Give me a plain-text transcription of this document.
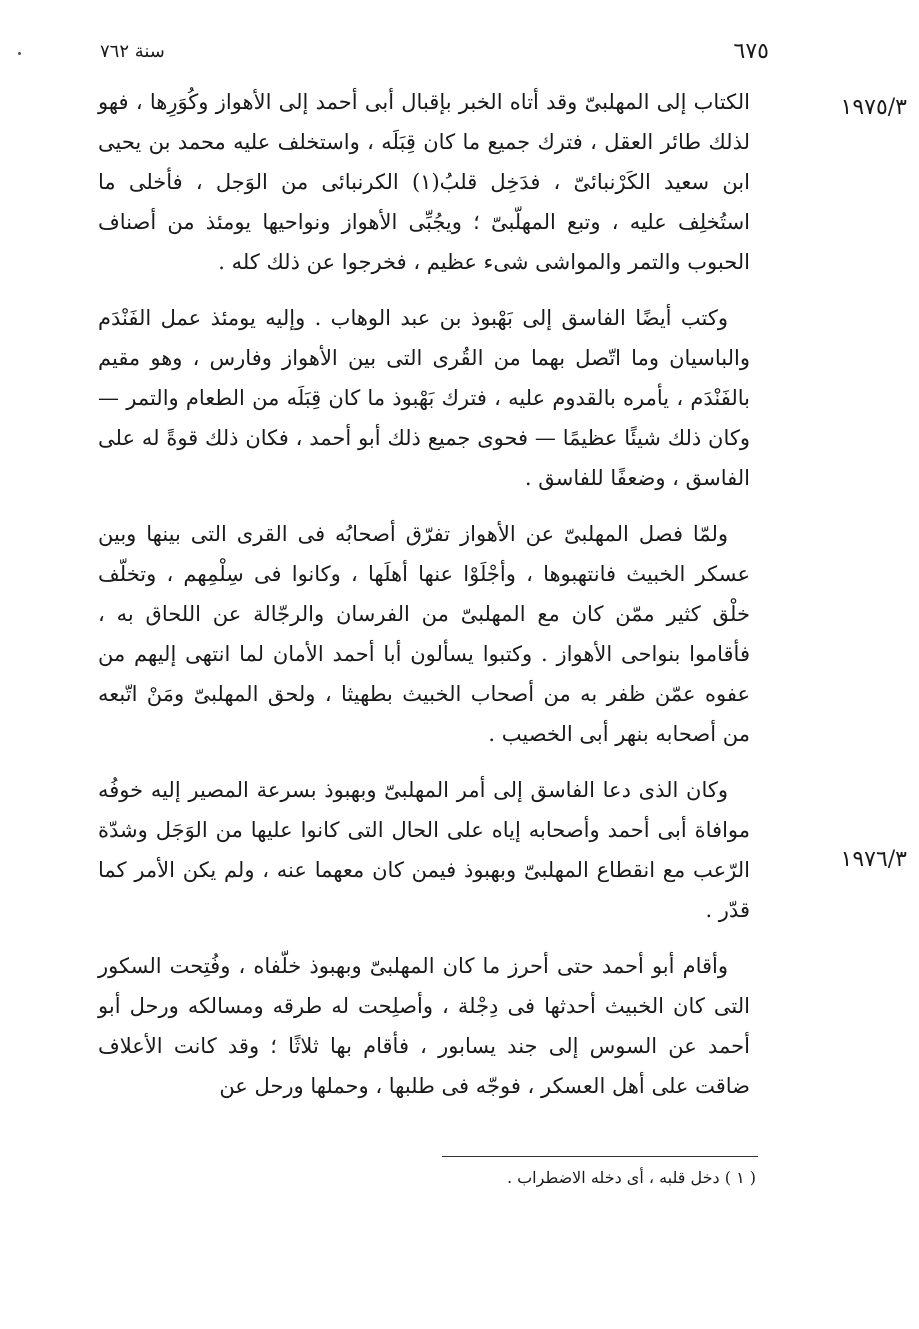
٥٧٦
سنة ٢٦٧
١٩٧٥/٣
١٩٧٦/٣

الكتاب إلى المهلبىّ وقد أتاه الخبر بإقبال أبى أحمد إلى الأهواز وكُوَرِها ، فهو لذلك طائر العقل ، فترك جميع ما كان قِبَلَه ، واستخلف عليه محمد بن يحيى ابن سعيد الكَرْنبائىّ ، فدَخِل قلبُ(١) الكرنبائى من الوَجل ، فأخلى ما استُخلِف عليه ، وتبع المهلّبىّ ؛ ويجُبِّى الأهواز ونواحيها يومئذ من أصناف الحبوب والتمر والمواشى شىء عظيم ، فخرجوا عن ذلك كله .

وكتب أيضًا الفاسق إلى بَهْبوذ بن عبد الوهاب . وإليه يومئذ عمل الفَنْدَم والباسيان وما اتّصل بهما من القُرى التى بين الأهواز وفارس ، وهو مقيم بالفَنْدَم ، يأمره بالقدوم عليه ، فترك بَهْبوذ ما كان قِبَلَه من الطعام والتمر — وكان ذلك شيئًا عظيمًا — فحوى جميع ذلك أبو أحمد ، فكان ذلك قوةً له على الفاسق ، وضعفًا للفاسق .

ولمّا فصل المهلبىّ عن الأهواز تفرّق أصحابُه فى القرى التى بينها وبين عسكر الخبيث فانتهبوها ، وأجْلَوْا عنها أهلَها ، وكانوا فى سِلْمِهم ، وتخلّف خلْق كثير ممّن كان مع المهلبىّ من الفرسان والرجّالة عن اللحاق به ، فأقاموا بنواحى الأهواز . وكتبوا يسألون أبا أحمد الأمان لما انتهى إليهم من عفوه عمّن ظفر به من أصحاب الخبيث بطهيثا ، ولحق المهلبىّ ومَنْ اتّبعه من أصحابه بنهر أبى الخصيب .

وكان الذى دعا الفاسق إلى أمر المهلبىّ وبهبوذ بسرعة المصير إليه خوفُه موافاة أبى أحمد وأصحابه إياه على الحال التى كانوا عليها من الوَجَل وشدّة الرّعب مع انقطاع المهلبىّ وبهبوذ فيمن كان معهما عنه ، ولم يكن الأمر كما قدّر .

وأقام أبو أحمد حتى أحرز ما كان المهلبىّ وبهبوذ خلّفاه ، وفُتِحت السكور التى كان الخبيث أحدثها فى دِجْلة ، وأصلِحت له طرقه ومسالكه ورحل أبو أحمد عن السوس إلى جند يسابور ، فأقام بها ثلاثًا ؛ وقد كانت الأعلاف ضاقت على أهل العسكر ، فوجّه فى طلبها ، وحملها ورحل عن

( ١ ) دخل قلبه ، أى دخله الاضطراب .
